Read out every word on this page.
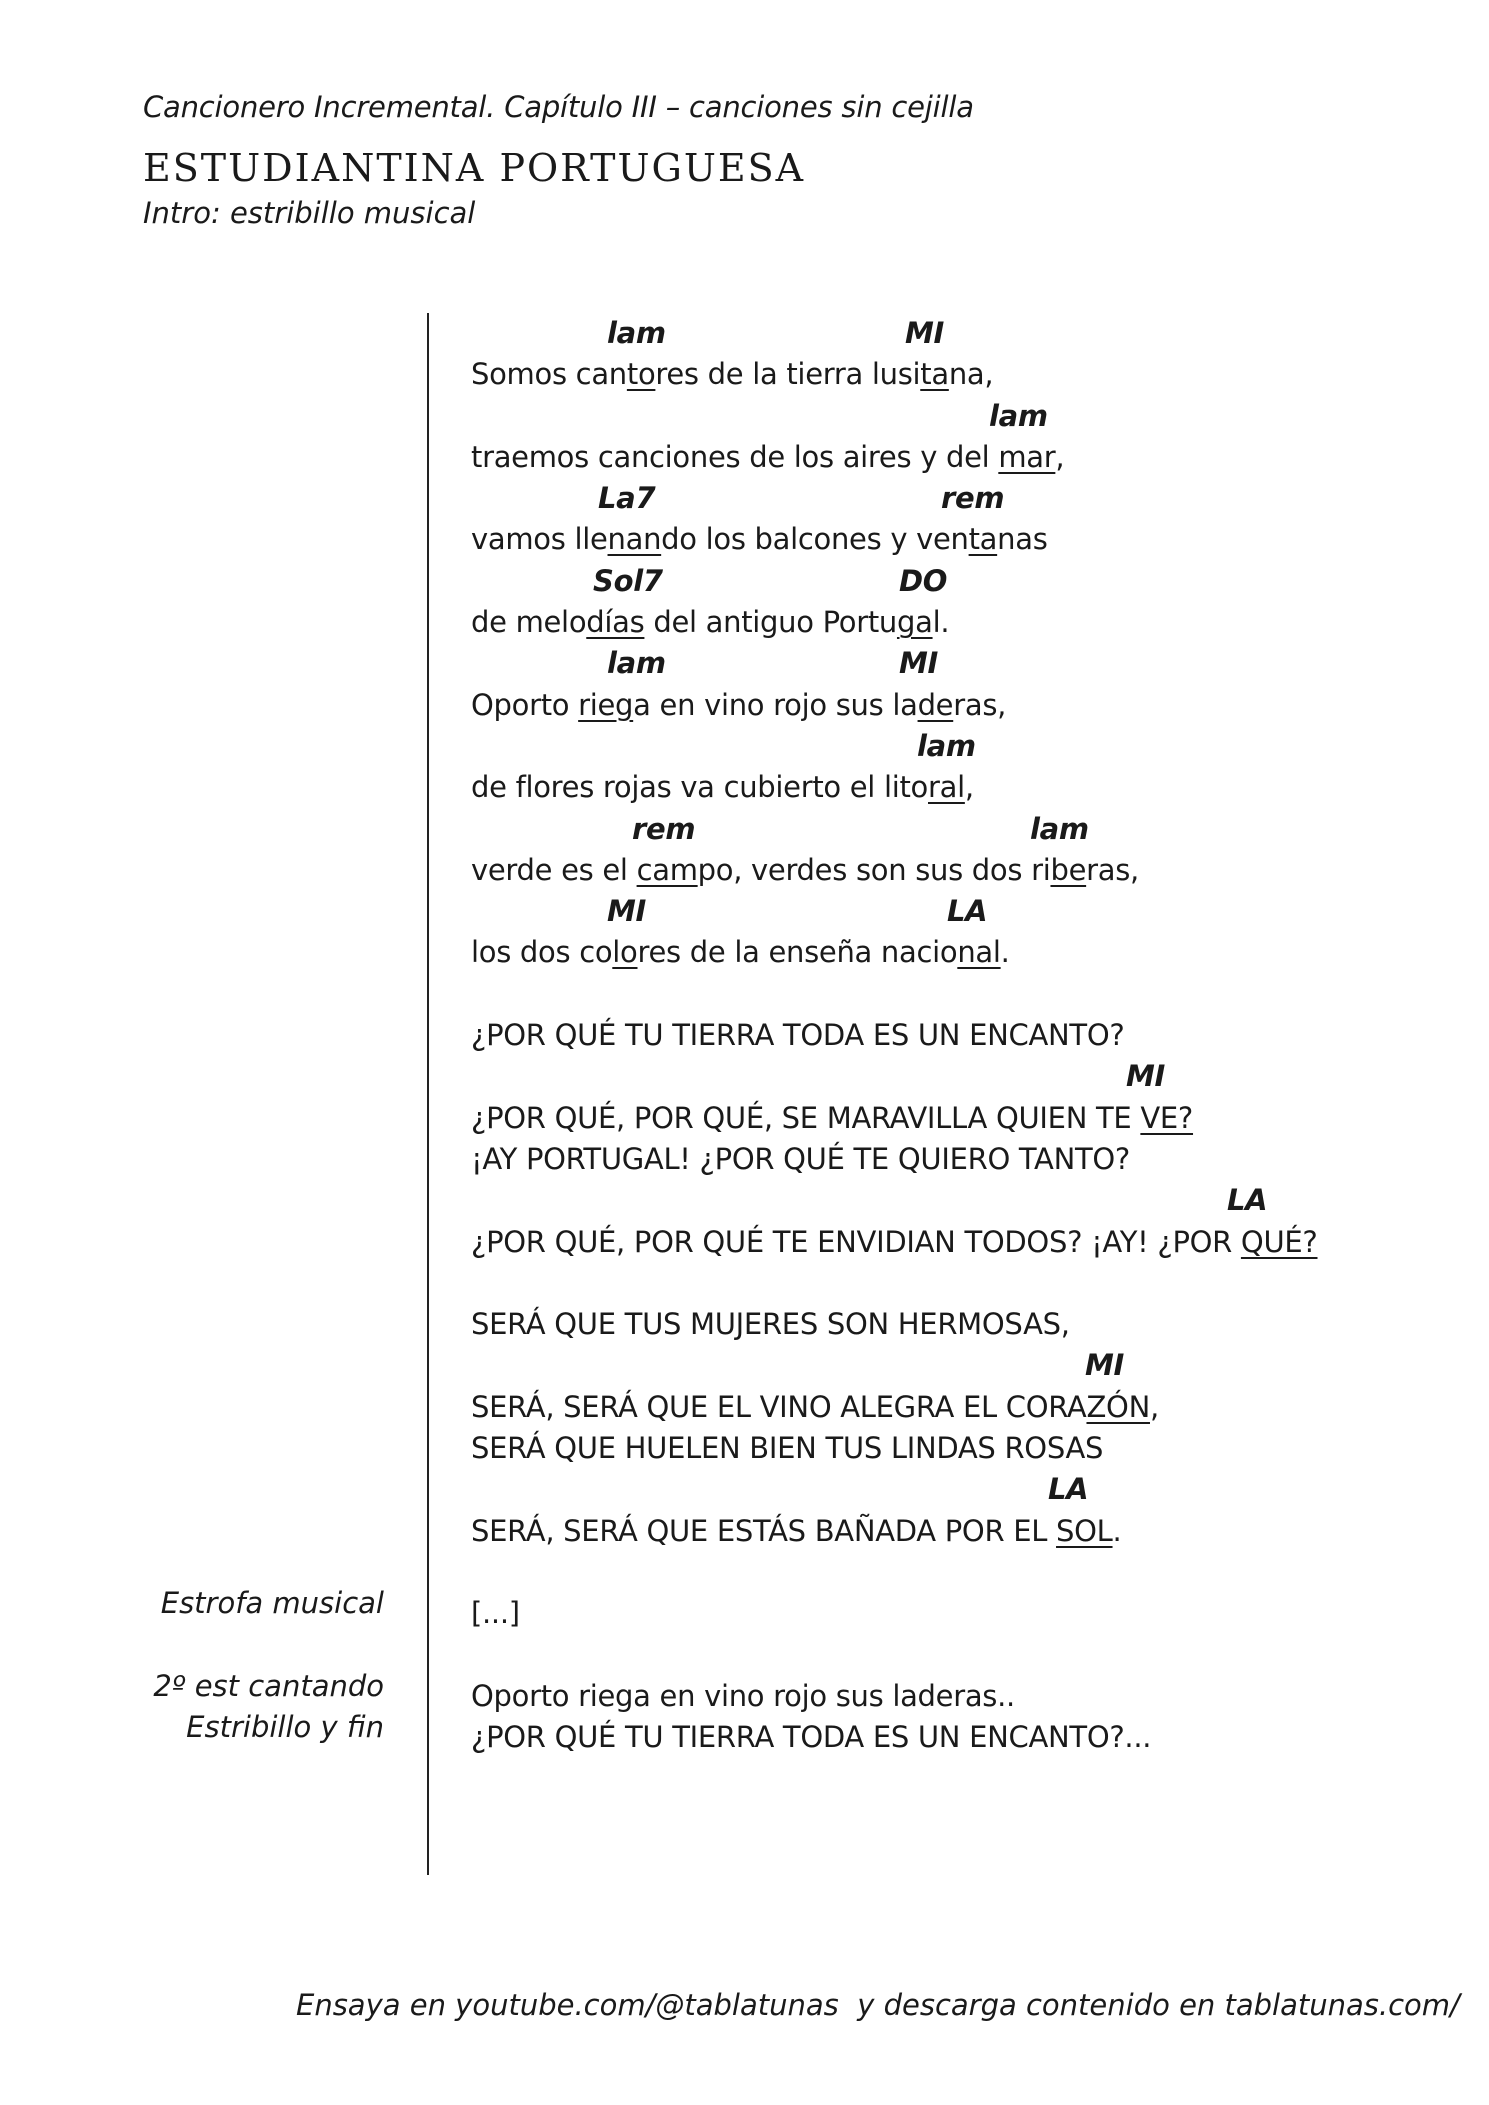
Cancionero Incremental. Capítulo III – canciones sin cejilla
ESTUDIANTINA PORTUGUESA
Intro: estribillo musical
lam	MI
Somos cantores de la tierra lusitana,
lam
traemos canciones de los aires y del mar,
La7	rem
vamos llenando los balcones y ventanas
Sol7	DO
de melodías del antiguo Portugal.
lam	MI
Oporto riega en vino rojo sus laderas,
lam
de flores rojas va cubierto el litoral,
rem	lam
verde es el campo, verdes son sus dos riberas,
MI	LA
los dos colores de la enseña nacional.
¿POR QUÉ TU TIERRA TODA ES UN ENCANTO?
MI
¿POR QUÉ, POR QUÉ, SE MARAVILLA QUIEN TE VE?
¡AY PORTUGAL! ¿POR QUÉ TE QUIERO TANTO?
LA
¿POR QUÉ, POR QUÉ TE ENVIDIAN TODOS? ¡AY! ¿POR QUÉ?
SERÁ QUE TUS MUJERES SON HERMOSAS,
MI
SERÁ, SERÁ QUE EL VINO ALEGRA EL CORAZÓN,
SERÁ QUE HUELEN BIEN TUS LINDAS ROSAS
LA
SERÁ, SERÁ QUE ESTÁS BAÑADA POR EL SOL.
[...]
Oporto riega en vino rojo sus laderas..
¿POR QUÉ TU TIERRA TODA ES UN ENCANTO?...
Estrofa musical
2º est cantando
Estribillo y fin
Ensaya en youtube.com/@tablatunas  y descarga contenido en tablatunas.com/
